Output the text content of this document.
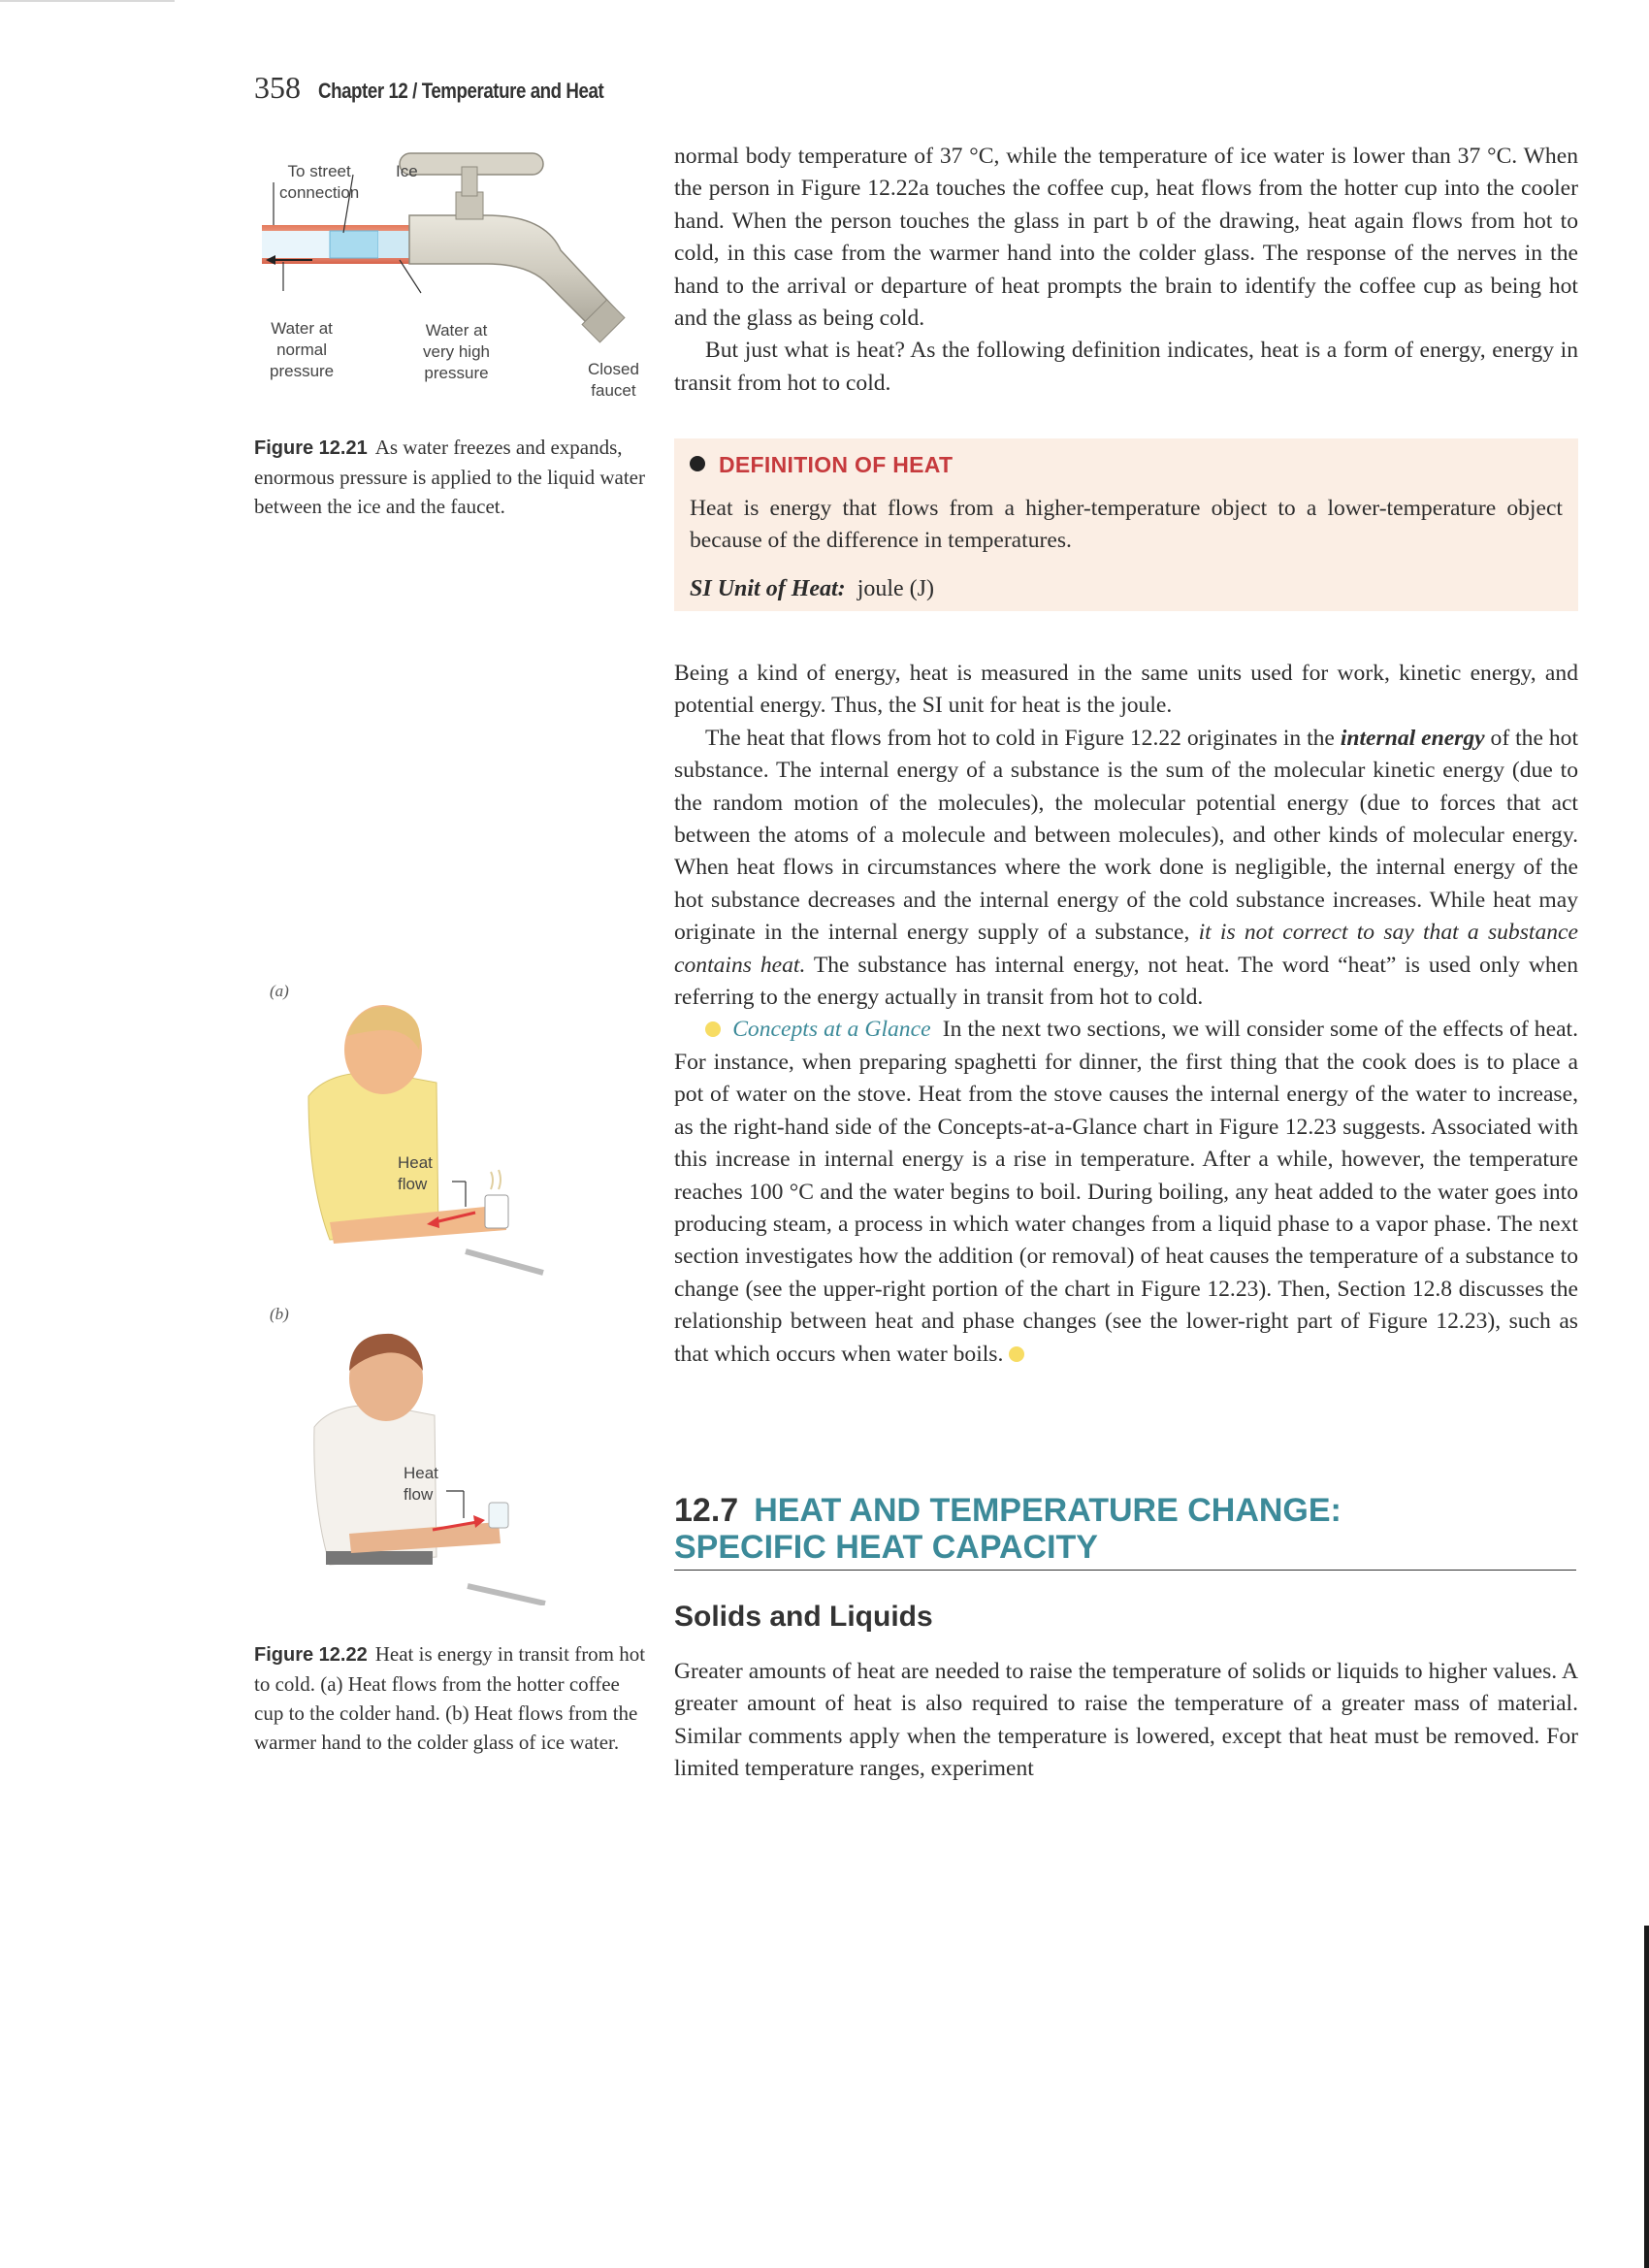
358 Chapter 12 / Temperature and Heat
To street
connection
Ice
Water at
normal
pressure
Water at
very high
pressure	Closed
faucet
Figure 12.21 As water freezes and expands, enormous pressure is applied to the liquid water between the ice and the faucet.
(a)
Heat
flow
(b)
Heat
flow
Figure 12.22 Heat is energy in transit from hot to cold. (a) Heat flows from the hotter coffee cup to the colder hand. (b) Heat flows from the warmer hand to the colder glass of ice water.

normal body temperature of 37 °C, while the temperature of ice water is lower than 37 °C. When the person in Figure 12.22a touches the coffee cup, heat flows from the hotter cup into the cooler hand. When the person touches the glass in part b of the drawing, heat again flows from hot to cold, in this case from the warmer hand into the colder glass. The response of the nerves in the hand to the arrival or departure of heat prompts the brain to identify the coffee cup as being hot and the glass as being cold.

But just what is heat? As the following definition indicates, heat is a form of energy, energy in transit from hot to cold.

DEFINITION OF HEAT
Heat is energy that flows from a higher-temperature object to a lower-temperature object because of the difference in temperatures.
SI Unit of Heat: joule (J)

Being a kind of energy, heat is measured in the same units used for work, kinetic energy, and potential energy. Thus, the SI unit for heat is the joule.

The heat that flows from hot to cold in Figure 12.22 originates in the internal energy of the hot substance. The internal energy of a substance is the sum of the molecular kinetic energy (due to the random motion of the molecules), the molecular potential energy (due to forces that act between the atoms of a molecule and between molecules), and other kinds of molecular energy. When heat flows in circumstances where the work done is negligible, the internal energy of the hot substance decreases and the internal energy of the cold substance increases. While heat may originate in the internal energy supply of a substance, it is not correct to say that a substance contains heat. The substance has internal energy, not heat. The word “heat” is used only when referring to the energy actually in transit from hot to cold.

Concepts at a Glance In the next two sections, we will consider some of the effects of heat. For instance, when preparing spaghetti for dinner, the first thing that the cook does is to place a pot of water on the stove. Heat from the stove causes the internal energy of the water to increase, as the right-hand side of the Concepts-at-a-Glance chart in Figure 12.23 suggests. Associated with this increase in internal energy is a rise in temperature. After a while, however, the temperature reaches 100 °C and the water begins to boil. During boiling, any heat added to the water goes into producing steam, a process in which water changes from a liquid phase to a vapor phase. The next section investigates how the addition (or removal) of heat causes the temperature of a substance to change (see the upper-right portion of the chart in Figure 12.23). Then, Section 12.8 discusses the relationship between heat and phase changes (see the lower-right part of Figure 12.23), such as that which occurs when water boils.

12.7 HEAT AND TEMPERATURE CHANGE:
SPECIFIC HEAT CAPACITY
Solids and Liquids

Greater amounts of heat are needed to raise the temperature of solids or liquids to higher values. A greater amount of heat is also required to raise the temperature of a greater mass of material. Similar comments apply when the temperature is lowered, except that heat must be removed. For limited temperature ranges, experiment
